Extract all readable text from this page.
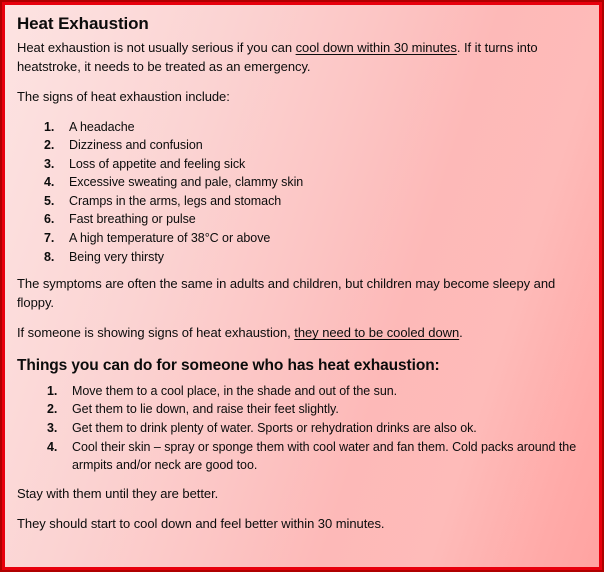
Heat Exhaustion

Heat exhaustion is not usually serious if you can cool down within 30 minutes. If it turns into heatstroke, it needs to be treated as an emergency.

The signs of heat exhaustion include:

1.	A headache
2.	Dizziness and confusion
3.	Loss of appetite and feeling sick
4.	Excessive sweating and pale, clammy skin
5.	Cramps in the arms, legs and stomach
6.	Fast breathing or pulse
7.	A high temperature of 38°C or above
8.	Being very thirsty

The symptoms are often the same in adults and children, but children may become sleepy and floppy.

If someone is showing signs of heat exhaustion, they need to be cooled down.

Things you can do for someone who has heat exhaustion:
1.	Move them to a cool place, in the shade and out of the sun.
2.	Get them to lie down, and raise their feet slightly.
3.	Get them to drink plenty of water. Sports or rehydration drinks are also ok.
4.	Cool their skin – spray or sponge them with cool water and fan them. Cold packs around the armpits and/or neck are good too.

Stay with them until they are better.

They should start to cool down and feel better within 30 minutes.
